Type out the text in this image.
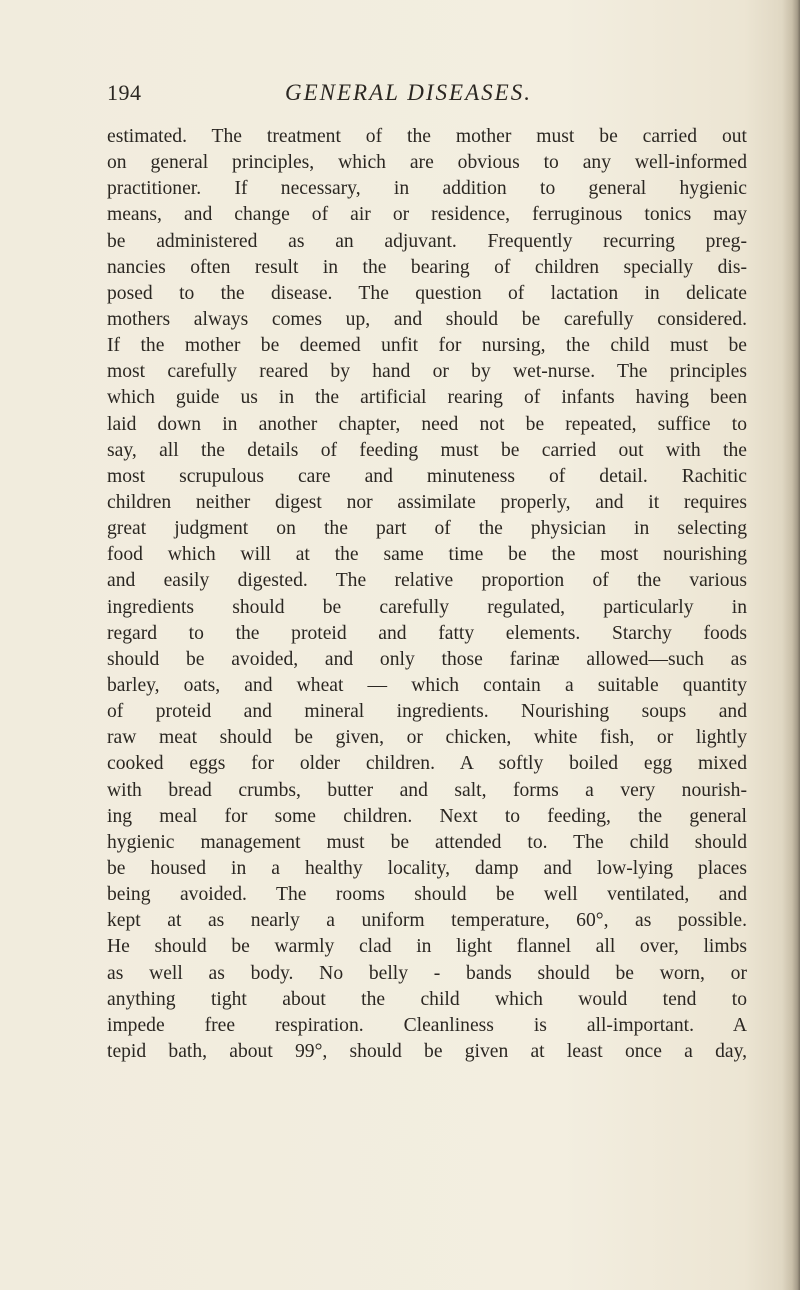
194	GENERAL DISEASES.
estimated. The treatment of the mother must be carried out
on general principles, which are obvious to any well-informed
practitioner. If necessary, in addition to general hygienic
means, and change of air or residence, ferruginous tonics may
be administered as an adjuvant. Frequently recurring preg-
nancies often result in the bearing of children specially dis-
posed to the disease. The question of lactation in delicate
mothers always comes up, and should be carefully considered.
If the mother be deemed unfit for nursing, the child must be
most carefully reared by hand or by wet-nurse. The principles
which guide us in the artificial rearing of infants having been
laid down in another chapter, need not be repeated, suffice to
say, all the details of feeding must be carried out with the
most scrupulous care and minuteness of detail. Rachitic
children neither digest nor assimilate properly, and it requires
great judgment on the part of the physician in selecting
food which will at the same time be the most nourishing
and easily digested. The relative proportion of the various
ingredients should be carefully regulated, particularly in
regard to the proteid and fatty elements. Starchy foods
should be avoided, and only those farinæ allowed—such as
barley, oats, and wheat — which contain a suitable quantity
of proteid and mineral ingredients. Nourishing soups and
raw meat should be given, or chicken, white fish, or lightly
cooked eggs for older children. A softly boiled egg mixed
with bread crumbs, butter and salt, forms a very nourish-
ing meal for some children. Next to feeding, the general
hygienic management must be attended to. The child should
be housed in a healthy locality, damp and low-lying places
being avoided. The rooms should be well ventilated, and
kept at as nearly a uniform temperature, 60°, as possible.
He should be warmly clad in light flannel all over, limbs
as well as body. No belly - bands should be worn, or
anything tight about the child which would tend to
impede free respiration. Cleanliness is all-important. A
tepid bath, about 99°, should be given at least once a day,
